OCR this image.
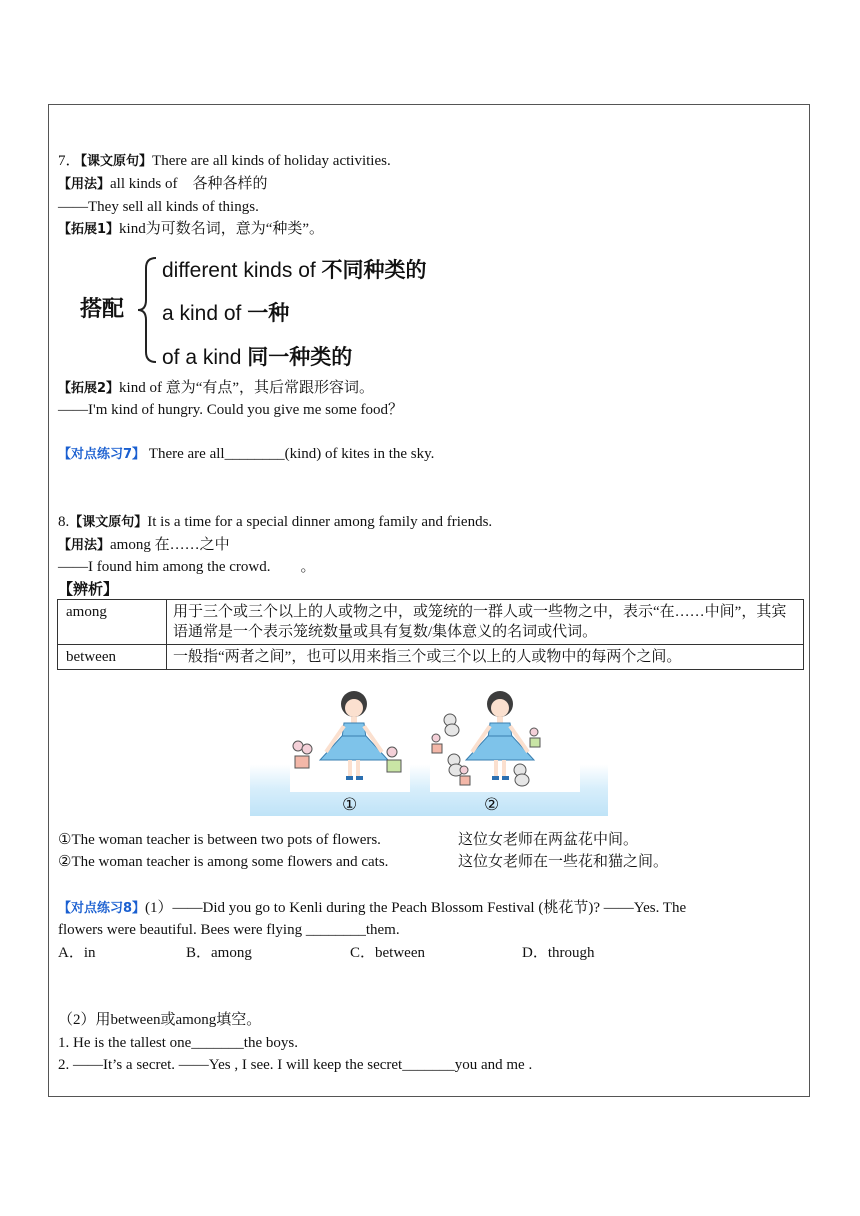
7．【课文原句】There are all kinds of holiday activities.
【用法】all kinds of　各种各样的
——They sell all kinds of things.
【拓展1】kind为可数名词，意为“种类”。
搭配
different kinds of 不同种类的
a kind of 一种
of a kind 同一种类的
【拓展2】kind of 意为“有点”，其后常跟形容词。
——I'm kind of hungry. Could you give me some food？
【对点练习7】 There are all________(kind) of kites in the sky.
8.【课文原句】It is a time for a special dinner among family and friends.
【用法】among 在……之中
——I found him among the crowd.　　。
【辨析】
among	用于三个或三个以上的人或物之中，或笼统的一群人或一些物之中，表示“在……中间”，其宾语通常是一个表示笼统数量或具有复数/集体意义的名词或代词。
between	一般指“两者之间”，也可以用来指三个或三个以上的人或物中的每两个之间。
①	②
①The woman teacher is between two pots of flowers.	这位女老师在两盆花中间。
②The woman teacher is among some flowers and cats.	这位女老师在一些花和猫之间。
【对点练习8】(1）——Did you go to Kenli during the Peach Blossom Festival (桃花节)? ——Yes. The
flowers were beautiful. Bees were flying ________them.
A．in	B．among	C．between	D．through
（2）用between或among填空。
1. He is the tallest one_______the boys.
2. ——It’s a secret. ——Yes , I see. I will keep the secret_______you and me .
